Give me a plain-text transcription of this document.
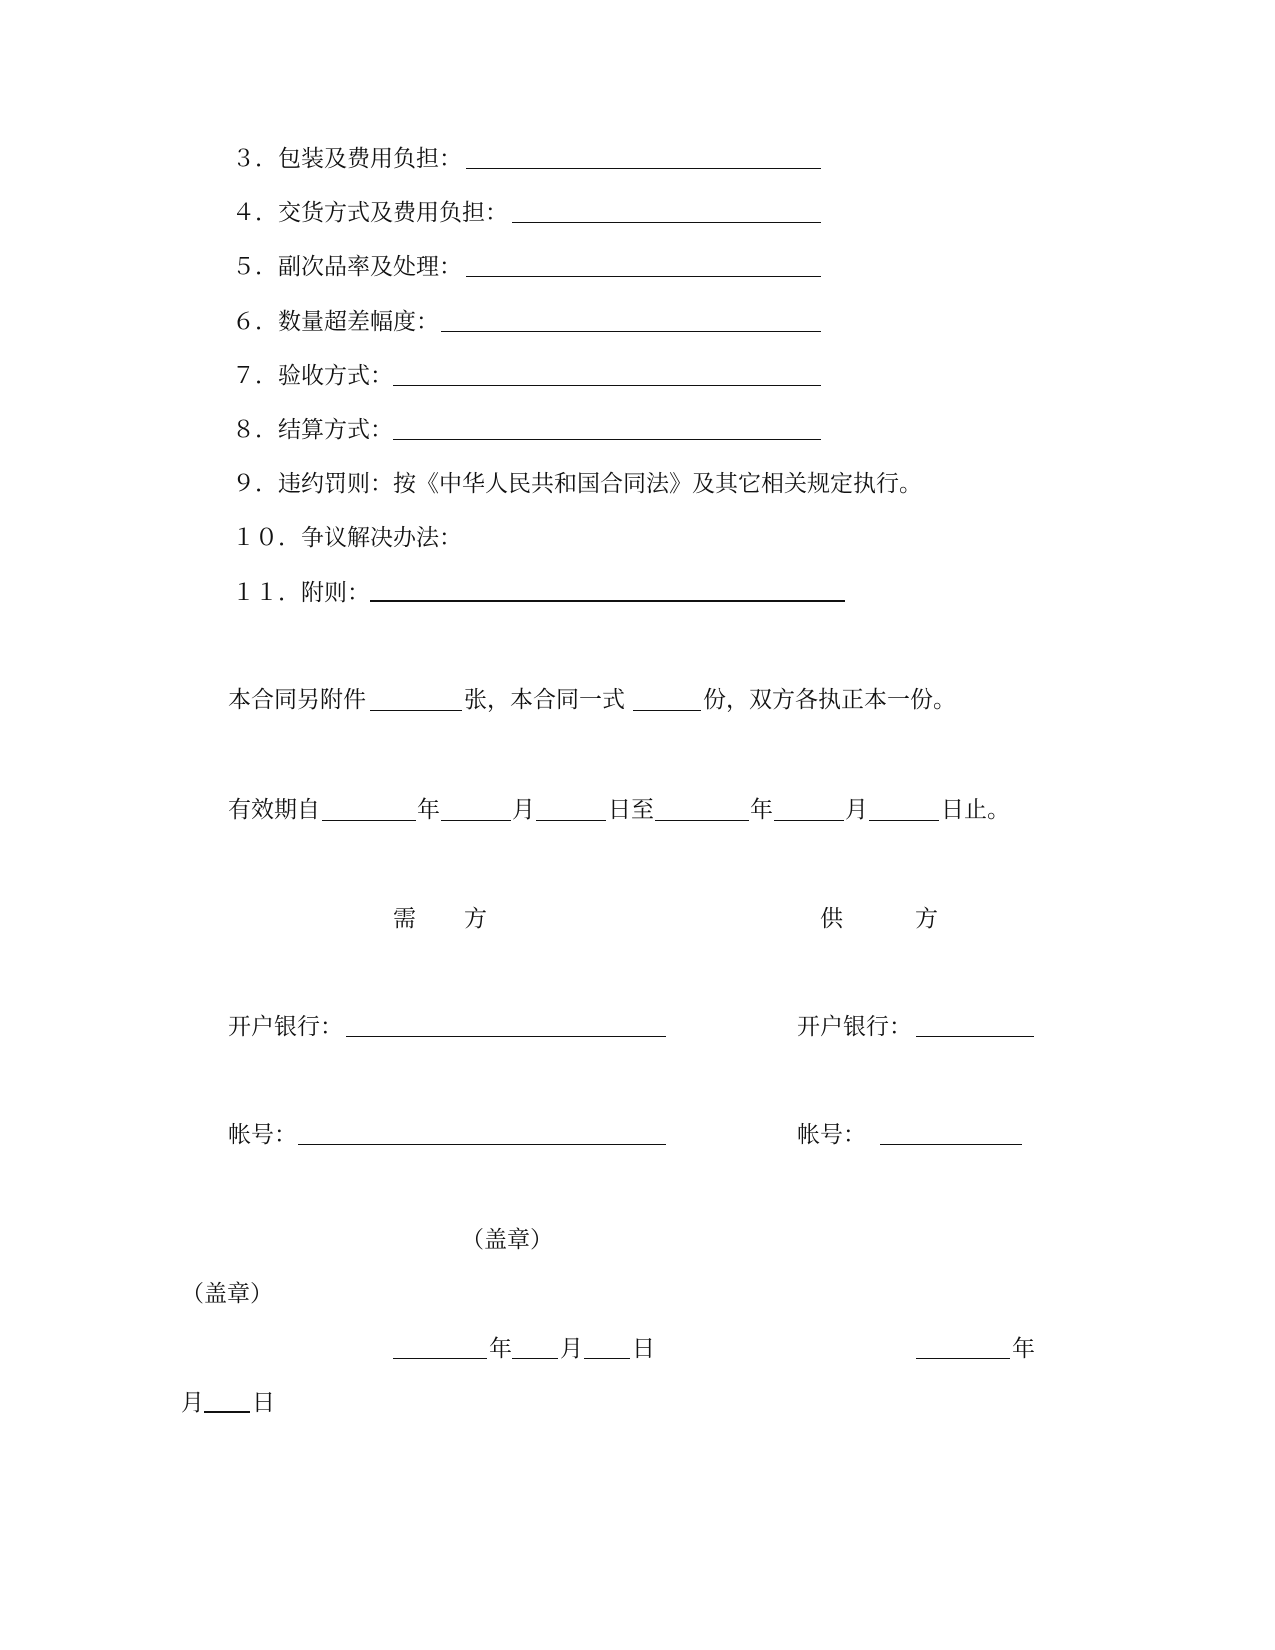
３．包装及费用负担：
４．交货方式及费用负担：
５．副次品率及处理：
６．数量超差幅度：
７．验收方式：
８．结算方式：
９．违约罚则：按《中华人民共和国合同法》及其它相关规定执行。
１０．争议解决办法：
１１．附则：
本合同另附件	张，本合同一式	份，双方各执正本一份。
有效期自	年	月	日至	年	月	日止。
需 方	供	方
开户银行：	开户银行：
帐号：	帐号：
（盖章）
（盖章）
年 月 日	年
月 日
